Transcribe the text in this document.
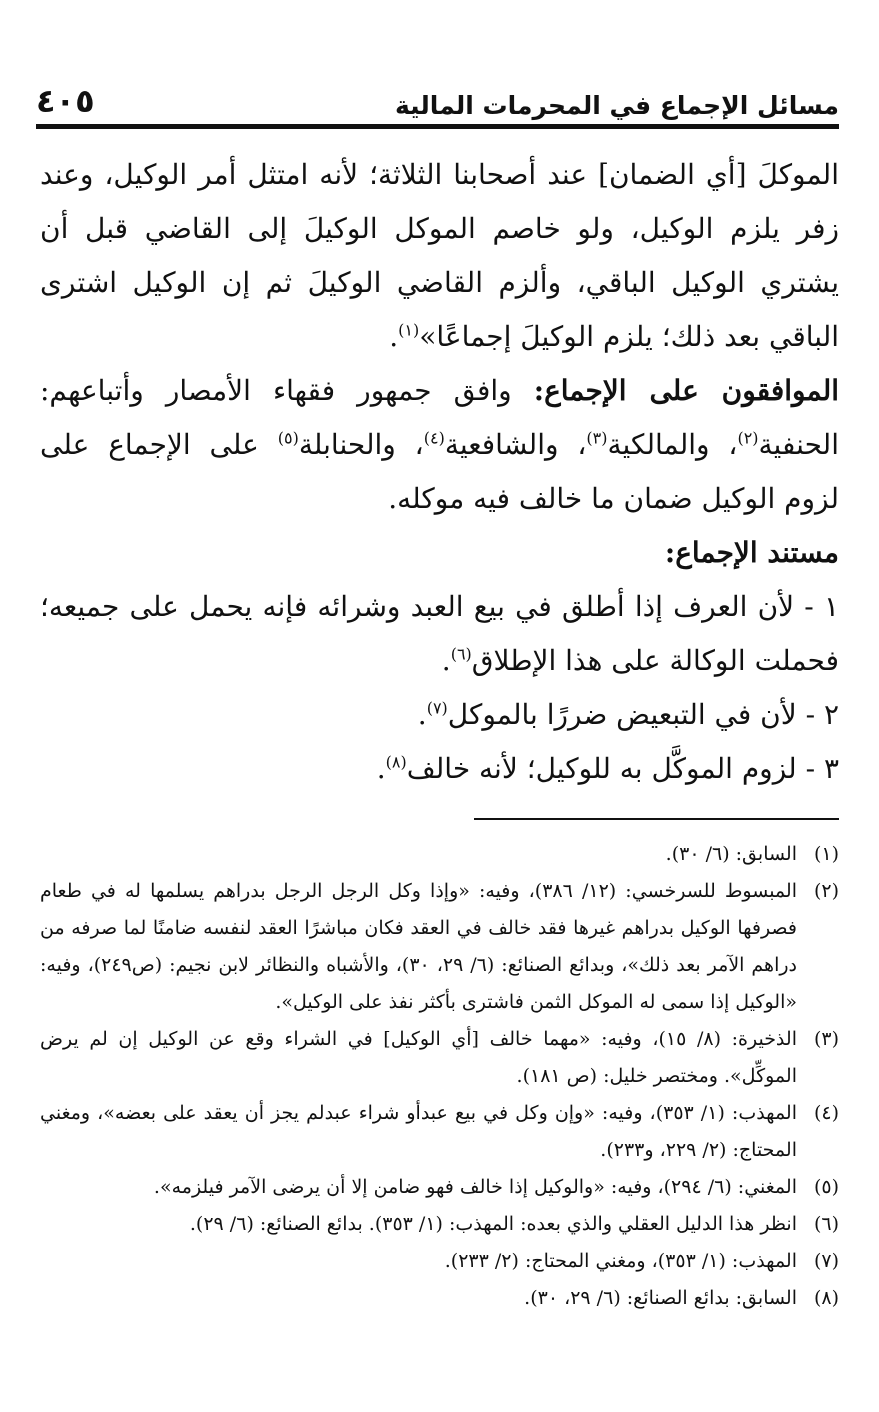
مسائل الإجماع في المحرمات المالية
٤٠٥

الموكلَ [أي الضمان] عند أصحابنا الثلاثة؛ لأنه امتثل أمر الوكيل، وعند زفر يلزم الوكيل، ولو خاصم الموكل الوكيلَ إلى القاضي قبل أن يشتري الوكيل الباقي، وألزم القاضي الوكيلَ ثم إن الوكيل اشترى الباقي بعد ذلك؛ يلزم الوكيلَ إجماعًا»$^{(١)}$.

الموافقون على الإجماع: وافق جمهور فقهاء الأمصار وأتباعهم: الحنفية$^{(٢)}$، والمالكية$^{(٣)}$، والشافعية$^{(٤)}$، والحنابلة$^{(٥)}$ على الإجماع على لزوم الوكيل ضمان ما خالف فيه موكله.

مستند الإجماع:

١ - لأن العرف إذا أطلق في بيع العبد وشرائه فإنه يحمل على جميعه؛ فحملت الوكالة على هذا الإطلاق$^{(٦)}$.

٢ - لأن في التبعيض ضررًا بالموكل$^{(٧)}$.

٣ - لزوم الموكَّل به للوكيل؛ لأنه خالف$^{(٨)}$.

(١)
السابق: (٦/ ٣٠).
(٢)
المبسوط للسرخسي: (١٢/ ٣٨٦)، وفيه: «وإذا وكل الرجل الرجل بدراهم يسلمها له في طعام فصرفها الوكيل بدراهم غيرها فقد خالف في العقد فكان مباشرًا العقد لنفسه ضامنًا لما صرفه من دراهم الآمر بعد ذلك»، وبدائع الصنائع: (٦/ ٢٩، ٣٠)، والأشباه والنظائر لابن نجيم: (ص٢٤٩)، وفيه: «الوكيل إذا سمى له الموكل الثمن فاشترى بأكثر نفذ على الوكيل».
(٣)
الذخيرة: (٨/ ١٥)، وفيه: «مهما خالف [أي الوكيل] في الشراء وقع عن الوكيل إن لم يرض الموكِّل». ومختصر خليل: (ص ١٨١).
(٤)
المهذب: (١/ ٣٥٣)، وفيه: «وإن وكل في بيع عبدأو شراء عبدلم يجز أن يعقد على بعضه»، ومغني المحتاج: (٢/ ٢٢٩، و٢٣٣).
(٥)
المغني: (٦/ ٢٩٤)، وفيه: «والوكيل إذا خالف فهو ضامن إلا أن يرضى الآمر فيلزمه».
(٦)
انظر هذا الدليل العقلي والذي بعده: المهذب: (١/ ٣٥٣). بدائع الصنائع: (٦/ ٢٩).
(٧)
المهذب: (١/ ٣٥٣)، ومغني المحتاج: (٢/ ٢٣٣).
(٨)
السابق: بدائع الصنائع: (٦/ ٢٩، ٣٠).
